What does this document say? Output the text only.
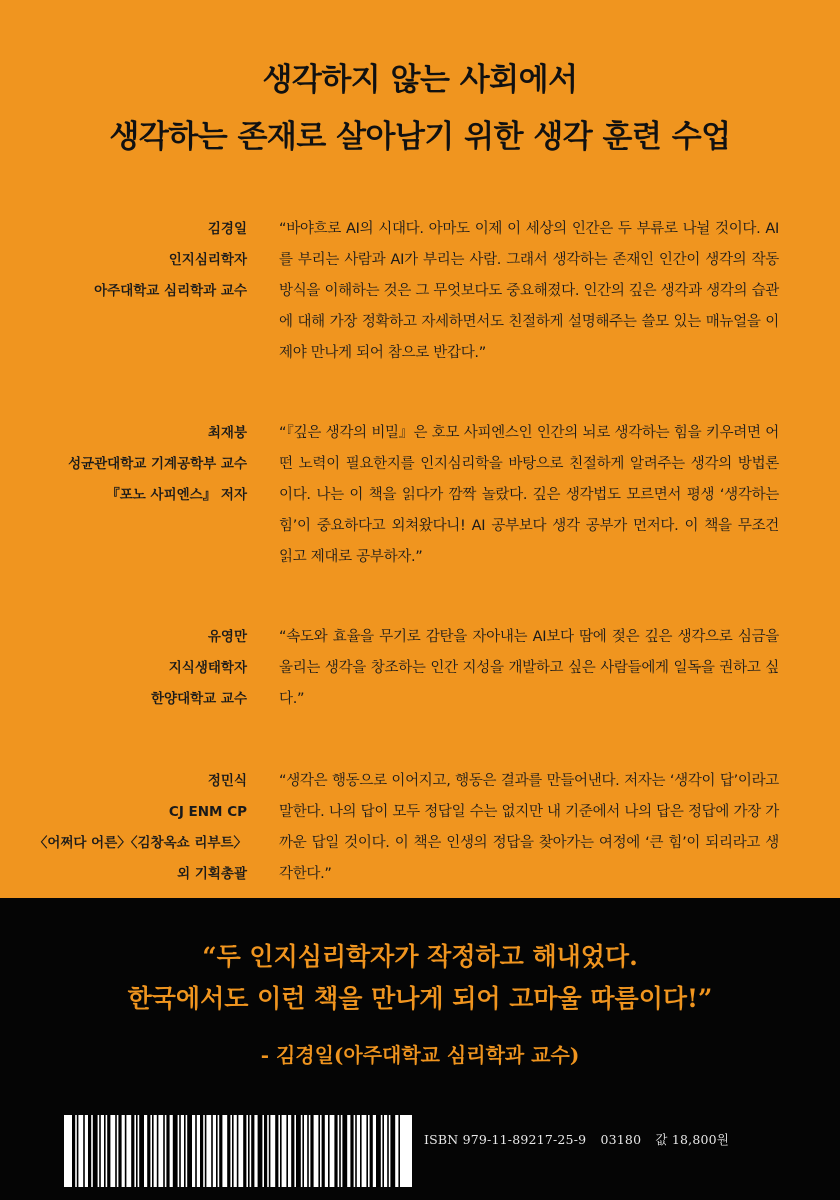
생각하지 않는 사회에서
생각하는 존재로 살아남기 위한 생각 훈련 수업
김경일
인지심리학자
아주대학교 심리학과 교수
“바야흐로 AI의 시대다. 아마도 이제 이 세상의 인간은 두 부류로 나뉠 것이다. AI를 부리는 사람과 AI가 부리는 사람. 그래서 생각하는 존재인 인간이 생각의 작동 방식을 이해하는 것은 그 무엇보다도 중요해졌다. 인간의 깊은 생각과 생각의 습관에 대해 가장 정확하고 자세하면서도 친절하게 설명해주는 쓸모 있는 매뉴얼을 이제야 만나게 되어 참으로 반갑다.”
최재붕
성균관대학교 기계공학부 교수
『포노 사피엔스』 저자
“『깊은 생각의 비밀』은 호모 사피엔스인 인간의 뇌로 생각하는 힘을 키우려면 어떤 노력이 필요한지를 인지심리학을 바탕으로 친절하게 알려주는 생각의 방법론이다. 나는 이 책을 읽다가 깜짝 놀랐다. 깊은 생각법도 모르면서 평생 ‘생각하는 힘’이 중요하다고 외쳐왔다니! AI 공부보다 생각 공부가 먼저다. 이 책을 무조건 읽고 제대로 공부하자.”
유영만
지식생태학자
한양대학교 교수
“속도와 효율을 무기로 감탄을 자아내는 AI보다 땀에 젖은 깊은 생각으로 심금을 울리는 생각을 창조하는 인간 지성을 개발하고 싶은 사람들에게 일독을 권하고 싶다.”
정민식
CJ ENM CP
〈어쩌다 어른〉〈김창옥쇼 리부트〉
외 기획총괄
“생각은 행동으로 이어지고, 행동은 결과를 만들어낸다. 저자는 ‘생각이 답’이라고 말한다. 나의 답이 모두 정답일 수는 없지만 내 기준에서 나의 답은 정답에 가장 가까운 답일 것이다. 이 책은 인생의 정답을 찾아가는 여정에 ‘큰 힘’이 되리라고 생각한다.”
“두 인지심리학자가 작정하고 해내었다.
한국에서도 이런 책을 만나게 되어 고마울 따름이다!”
- 김경일(아주대학교 심리학과 교수)
ISBN 979-11-89217-25-9 03180 값 18,800원
